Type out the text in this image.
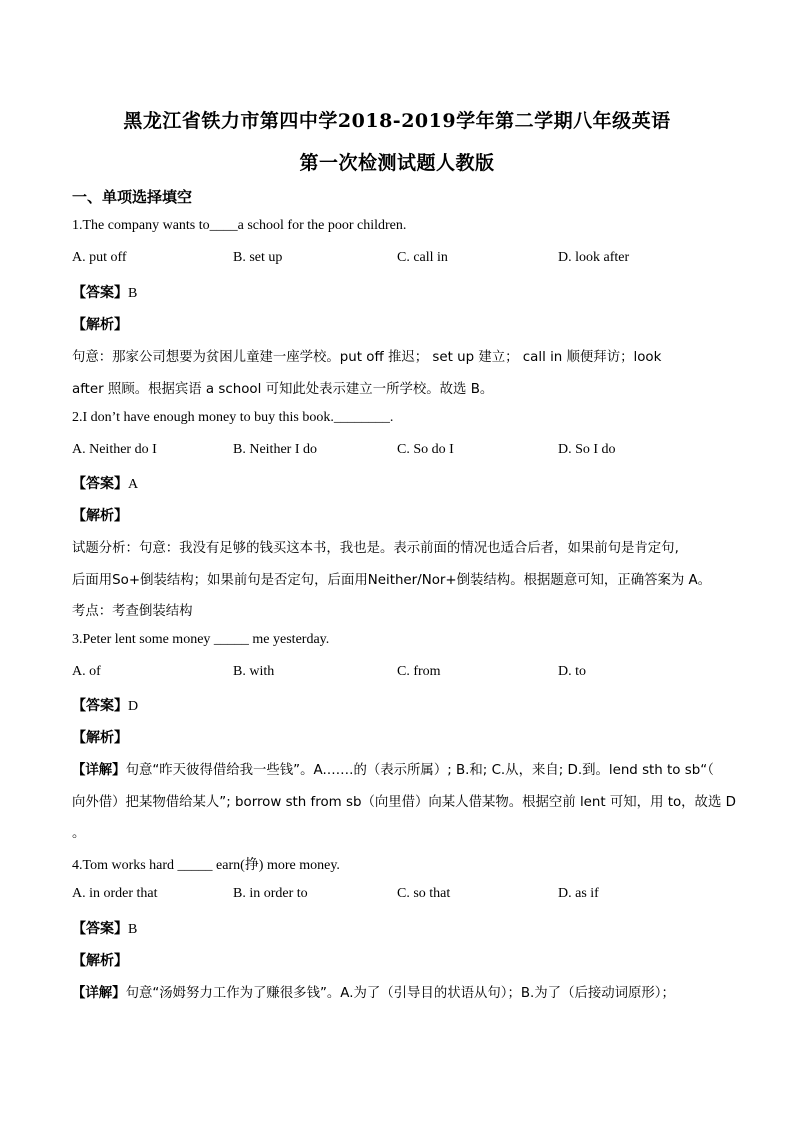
黑龙江省铁力市第四中学2018-2019学年第二学期八年级英语
第一次检测试题人教版
一、单项选择填空
1.The company wants to____a school for the poor children.
A. put off	B. set up	C. call in	D. look after
【答案】B
【解析】
句意：那家公司想要为贫困儿童建一座学校。put off 推迟； set up 建立； call in 顺便拜访；look
after 照顾。根据宾语 a school 可知此处表示建立一所学校。故选 B。
2.I don’t have enough money to buy this book.________.
A. Neither do I	B. Neither I do	C. So do I	D. So I do
【答案】A
【解析】
试题分析：句意：我没有足够的钱买这本书，我也是。表示前面的情况也适合后者，如果前句是肯定句,
后面用So+倒装结构；如果前句是否定句，后面用Neither/Nor+倒装结构。根据题意可知，正确答案为 A。
考点：考查倒装结构
3.Peter lent some money _____ me yesterday.
A. of	B. with	C. from	D. to
【答案】D
【解析】
【详解】句意“昨天彼得借给我一些钱”。A.……的（表示所属）; B.和; C.从，来自; D.到。lend sth to sb“（
向外借）把某物借给某人”; borrow sth from sb（向里借）向某人借某物。根据空前 lent 可知，用 to，故选 D
。
4.Tom works hard _____ earn(挣) more money.
A. in order that	B. in order to	C. so that	D. as if
【答案】B
【解析】
【详解】句意“汤姆努力工作为了赚很多钱”。A.为了（引导目的状语从句）；B.为了（后接动词原形）；
